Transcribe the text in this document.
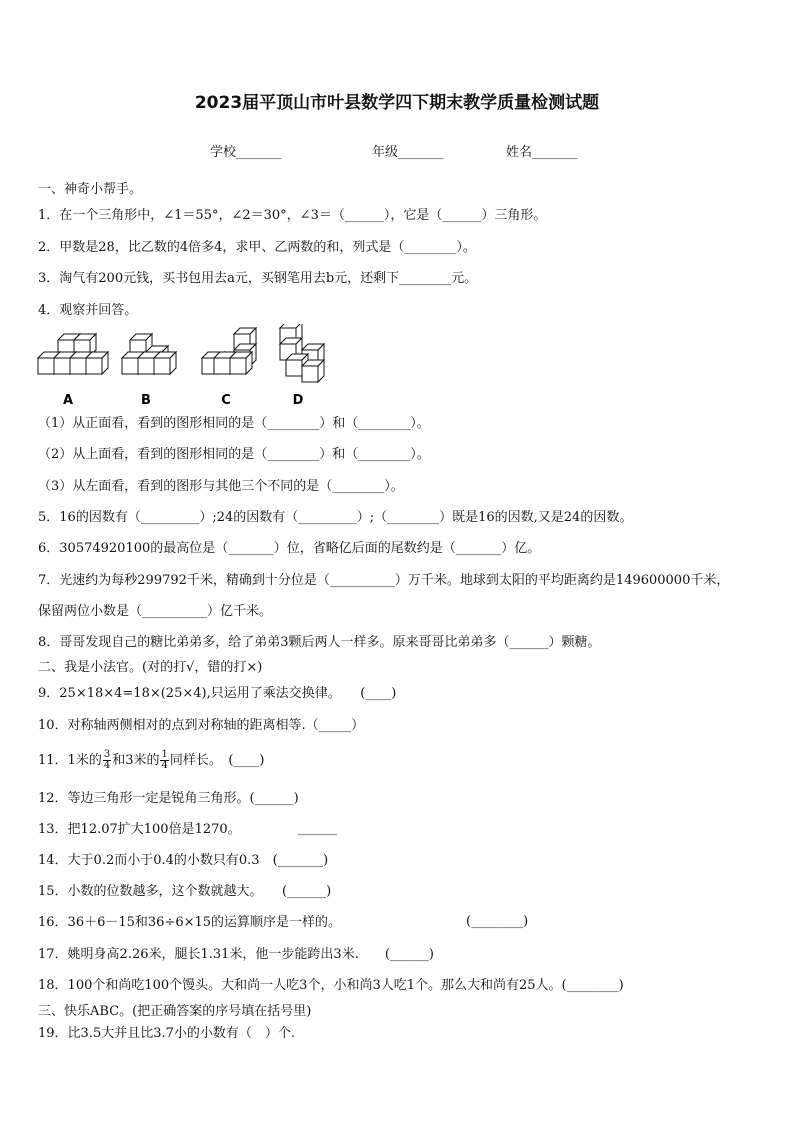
2023届平顶山市叶县数学四下期末教学质量检测试题
学校_______	年级_______	姓名_______
一、神奇小帮手。
1．在一个三角形中，∠1＝55°，∠2＝30°，∠3＝（______），它是（______）三角形。
2．甲数是28，比乙数的4倍多4，求甲、乙两数的和，列式是（________）。
3．淘气有200元钱，买书包用去a元，买钢笔用去b元，还剩下________元。
4．观察并回答。
A	B	C	D
（1）从正面看，看到的图形相同的是（________）和（________）。
（2）从上面看，看到的图形相同的是（________）和（________）。
（3）从左面看，看到的图形与其他三个不同的是（________）。
5．16的因数有（_________）;24的因数有（_________）;（________）既是16的因数,又是24的因数。
6．30574920100的最高位是（_______）位，省略亿后面的尾数约是（_______）亿。
7．光速约为每秒299792千米，精确到十分位是（__________）万千米。地球到太阳的平均距离约是149600000千米，
保留两位小数是（__________）亿千米。
8．哥哥发现自己的糖比弟弟多，给了弟弟3颗后两人一样多。原来哥哥比弟弟多（______）颗糖。
二、我是小法官。(对的打√，错的打×)
9．25×18×4=18×(25×4),只运用了乘法交换律。　　(____)
10．对称轴两侧相对的点到对称轴的距离相等.（_____）
11．1米的 $\frac{3}{4}$ 和3米的 $\frac{1}{4}$ 同样长。　(____)
12．等边三角形一定是锐角三角形。(______)
13．把12.07扩大100倍是1270。	______
14．大于0.2而小于0.4的小数只有0.3　(_______)
15．小数的位数越多，这个数就越大。　　(______)
16．36＋6－15和36÷6×15的运算顺序是一样的。	(________)
17．姚明身高2.26米，腿长1.31米，他一步能跨出3米.　　(______)
18．100个和尚吃100个馒头。大和尚一人吃3个，小和尚3人吃1个。那么大和尚有25人。(________)
三、快乐ABC。(把正确答案的序号填在括号里)
19．比3.5大并且比3.7小的小数有（　）个.
